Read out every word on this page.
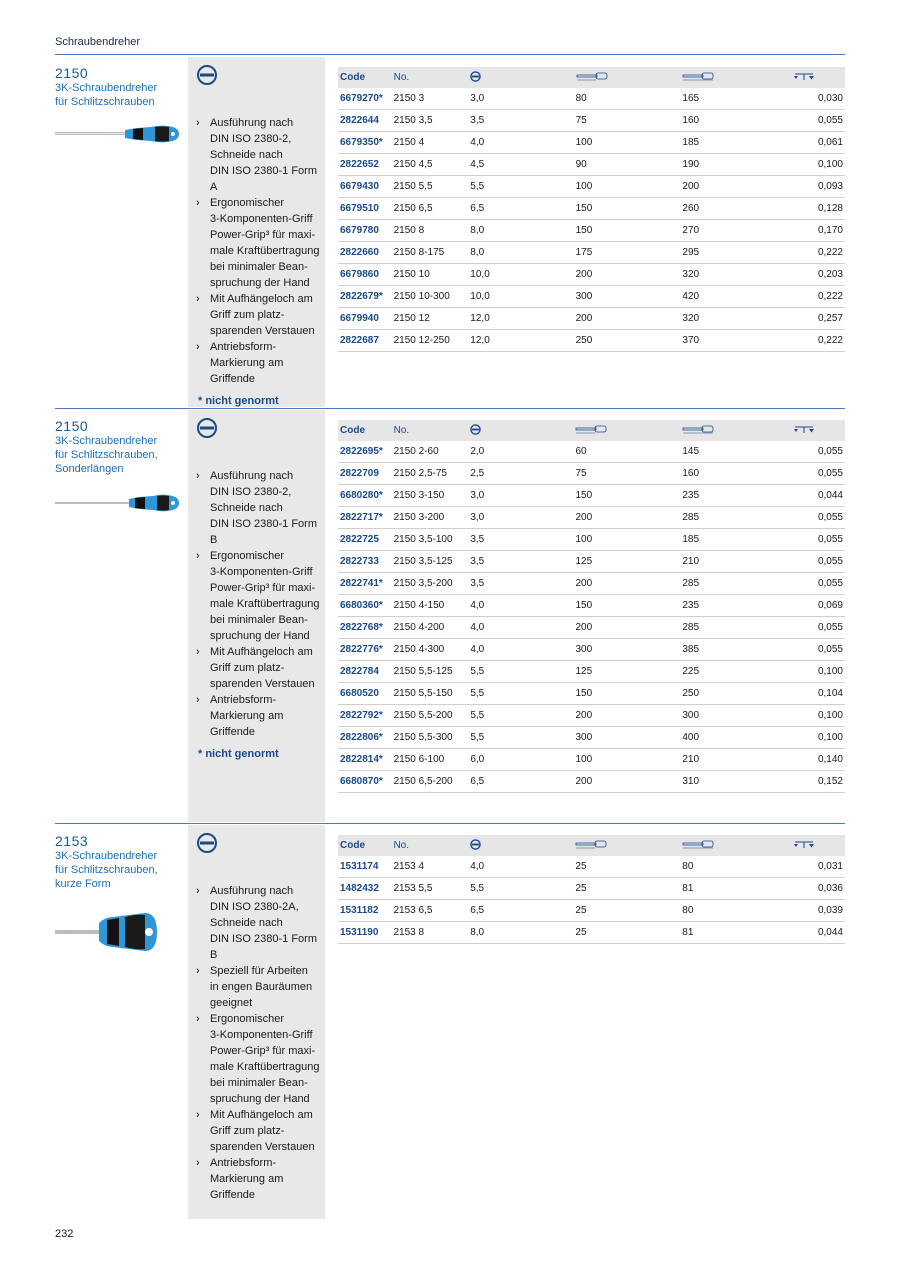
Schraubendreher
2150
3K-Schraubendreher
für Schlitzschrauben
› Ausführung nach
DIN ISO 2380-2,
Schneide nach
DIN ISO 2380-1 Form A
› Ergonomischer
3-Komponenten-Griff
Power-Grip³ für maxi-
male Kraftübertragung
bei minimaler Bean-
spruchung der Hand
› Mit Aufhängeloch am
Griff zum platz-
sparenden Verstauen
› Antriebsform-
Markierung am
Griffende
* nicht genormt
Code	No.				
6679270*	2150 3	3,0	80	165	0,030
2822644	2150 3,5	3,5	75	160	0,055
6679350*	2150 4	4,0	100	185	0,061
2822652	2150 4,5	4,5	90	190	0,100
6679430	2150 5,5	5,5	100	200	0,093
6679510	2150 6,5	6,5	150	260	0,128
6679780	2150 8	8,0	150	270	0,170
2822660	2150 8-175	8,0	175	295	0,222
6679860	2150 10	10,0	200	320	0,203
2822679*	2150 10-300	10,0	300	420	0,222
6679940	2150 12	12,0	200	320	0,257
2822687	2150 12-250	12,0	250	370	0,222
2150
3K-Schraubendreher
für Schlitzschrauben,
Sonderlängen
› Ausführung nach
DIN ISO 2380-2,
Schneide nach
DIN ISO 2380-1 Form B
› Ergonomischer
3-Komponenten-Griff
Power-Grip³ für maxi-
male Kraftübertragung
bei minimaler Bean-
spruchung der Hand
› Mit Aufhängeloch am
Griff zum platz-
sparenden Verstauen
› Antriebsform-
Markierung am
Griffende
* nicht genormt
Code	No.				
2822695*	2150 2-60	2,0	60	145	0,055
2822709	2150 2,5-75	2,5	75	160	0,055
6680280*	2150 3-150	3,0	150	235	0,044
2822717*	2150 3-200	3,0	200	285	0,055
2822725	2150 3,5-100	3,5	100	185	0,055
2822733	2150 3,5-125	3,5	125	210	0,055
2822741*	2150 3,5-200	3,5	200	285	0,055
6680360*	2150 4-150	4,0	150	235	0,069
2822768*	2150 4-200	4,0	200	285	0,055
2822776*	2150 4-300	4,0	300	385	0,055
2822784	2150 5,5-125	5,5	125	225	0,100
6680520	2150 5,5-150	5,5	150	250	0,104
2822792*	2150 5,5-200	5,5	200	300	0,100
2822806*	2150 5,5-300	5,5	300	400	0,100
2822814*	2150 6-100	6,0	100	210	0,140
6680870*	2150 6,5-200	6,5	200	310	0,152
2153
3K-Schraubendreher
für Schlitzschrauben,
kurze Form
› Ausführung nach
DIN ISO 2380-2A,
Schneide nach
DIN ISO 2380-1 Form B
› Speziell für Arbeiten
in engen Bauräumen
geeignet
› Ergonomischer
3-Komponenten-Griff
Power-Grip³ für maxi-
male Kraftübertragung
bei minimaler Bean-
spruchung der Hand
› Mit Aufhängeloch am
Griff zum platz-
sparenden Verstauen
› Antriebsform-
Markierung am
Griffende
Code	No.				
1531174	2153 4	4,0	25	80	0,031
1482432	2153 5,5	5,5	25	81	0,036
1531182	2153 6,5	6,5	25	80	0,039
1531190	2153 8	8,0	25	81	0,044
232
